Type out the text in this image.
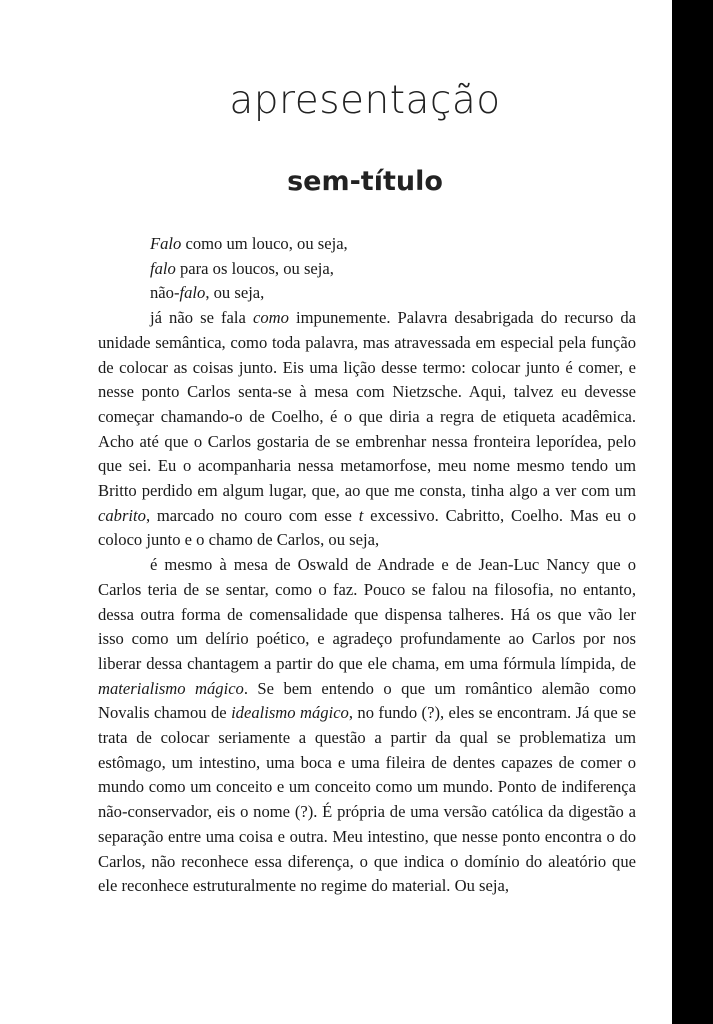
apresentação
sem-título

Falo como um louco, ou seja,

falo para os loucos, ou seja,

não-falo, ou seja,

já não se fala como impunemente. Palavra desabrigada do recurso da unidade semântica, como toda palavra, mas atravessada em especial pela função de colocar as coisas junto. Eis uma lição desse termo: colocar junto é comer, e nesse ponto Carlos senta-se à mesa com Nietzsche. Aqui, talvez eu devesse começar chamando-o de Coelho, é o que diria a regra de etiqueta acadêmica. Acho até que o Carlos gostaria de se embrenhar nessa fronteira leporídea, pelo que sei. Eu o acompanharia nessa metamorfose, meu nome mesmo tendo um Britto perdido em algum lugar, que, ao que me consta, tinha algo a ver com um cabrito, marcado no couro com esse t excessivo. Cabritto, Coelho. Mas eu o coloco junto e o chamo de Carlos, ou seja,

é mesmo à mesa de Oswald de Andrade e de Jean-Luc Nancy que o Carlos teria de se sentar, como o faz. Pouco se falou na filosofia, no entanto, dessa outra forma de comensalidade que dispensa talheres. Há os que vão ler isso como um delírio poético, e agradeço profundamente ao Carlos por nos liberar dessa chantagem a partir do que ele chama, em uma fórmula límpida, de materialismo mágico. Se bem entendo o que um romântico alemão como Novalis chamou de idealismo mágico, no fundo (?), eles se encontram. Já que se trata de colocar seriamente a questão a partir da qual se problematiza um estômago, um intestino, uma boca e uma fileira de dentes capazes de comer o mundo como um conceito e um conceito como um mundo. Ponto de indiferença não-conservador, eis o nome (?). É própria de uma versão católica da digestão a separação entre uma coisa e outra. Meu intestino, que nesse ponto encontra o do Carlos, não reconhece essa diferença, o que indica o domínio do aleatório que ele reconhece estruturalmente no regime do material. Ou seja,
